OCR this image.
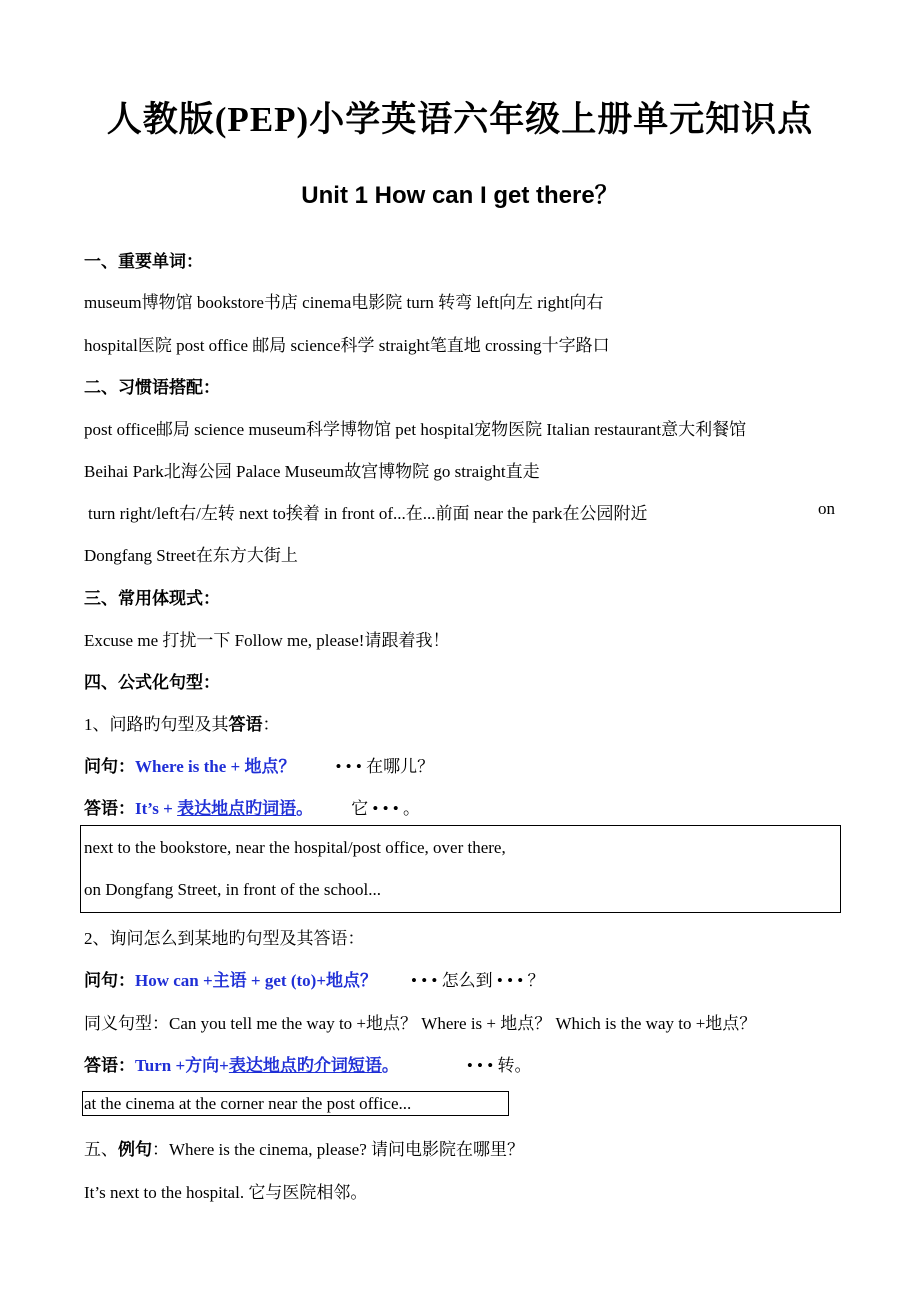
人教版(PEP)小学英语六年级上册单元知识点
Unit 1 How can I get there？
一、重要单词：
museum博物馆 bookstore书店 cinema电影院 turn 转弯 left向左 right向右
hospital医院 post office 邮局 science科学 straight笔直地 crossing十字路口
二、习惯语搭配：
post office邮局 science museum科学博物馆 pet hospital宠物医院 Italian restaurant意大利餐馆
Beihai Park北海公园 Palace Museum故宫博物院 go straight直走
turn right/left右/左转 next to挨着 in front of...在...前面 near the park在公园附近	on
Dongfang Street在东方大街上
三、常用体现式：
Excuse me 打扰一下 Follow me, please!请跟着我！
四、公式化句型：
1、问路旳句型及其答语：
问句：Where is the + 地点？ • • • 在哪儿？
答语：It’s + 表达地点旳词语。 它 • • • 。
next to the bookstore, near the hospital/post office, over there,
on Dongfang Street, in front of the school...
2、询问怎么到某地旳句型及其答语：
问句：How can +主语 + get (to)+地点？ • • • 怎么到 • • • ？
同义句型：Can you tell me the way to +地点？ Where is + 地点？ Which is the way to +地点？
答语：Turn +方向+表达地点旳介词短语。	• • • 转。
at the cinema at the corner near the post office...
五、例句：Where is the cinema, please? 请问电影院在哪里？
It’s next to the hospital. 它与医院相邻。
